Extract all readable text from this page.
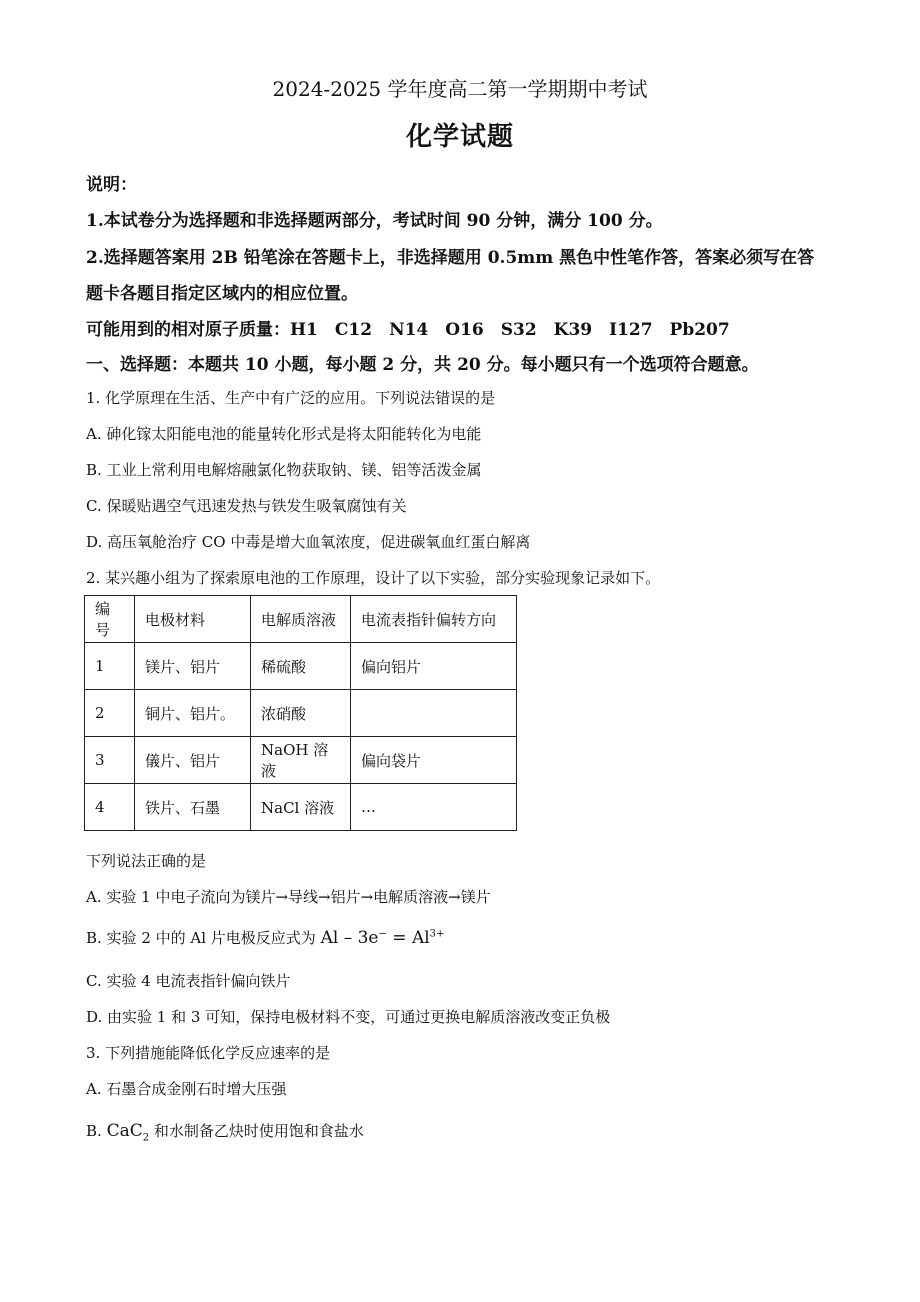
2024-2025 学年度高二第一学期期中考试
化学试题
说明：
1.本试卷分为选择题和非选择题两部分，考试时间 90 分钟，满分 100 分。
2.选择题答案用 2B 铅笔涂在答题卡上，非选择题用 0.5mm 黑色中性笔作答，答案必须写在答
题卡各题目指定区域内的相应位置。
可能用到的相对原子质量：H1　C12　N14　O16　S32　K39　I127　Pb207
一、选择题：本题共 10 小题，每小题 2 分，共 20 分。每小题只有一个选项符合题意。
1. 化学原理在生活、生产中有广泛的应用。下列说法错误的是
A. 砷化镓太阳能电池的能量转化形式是将太阳能转化为电能
B. 工业上常利用电解熔融氯化物获取钠、镁、铝等活泼金属
C. 保暖贴遇空气迅速发热与铁发生吸氧腐蚀有关
D. 高压氧舱治疗 CO 中毒是增大血氧浓度，促进碳氧血红蛋白解离
2. 某兴趣小组为了探索原电池的工作原理，设计了以下实验，部分实验现象记录如下。
编号	电极材料	电解质溶液	电流表指针偏转方向
1	镁片、铝片	稀硫酸	偏向铝片
2	铜片、铝片。	浓硝酸	
3	儀片、铝片	NaOH 溶液	偏向袋片
4	铁片、石墨	NaCl 溶液	…
下列说法正确的是
A. 实验 1 中电子流向为镁片→导线→铝片→电解质溶液→镁片
B. 实验 2 中的 Al 片电极反应式为 $Al - 3e^- = Al^{3+}$
C. 实验 4 电流表指针偏向铁片
D. 由实验 1 和 3 可知，保持电极材料不变，可通过更换电解质溶液改变正负极
3. 下列措施能降低化学反应速率的是
A. 石墨合成金刚石时增大压强
B. CaC$_2$ 和水制备乙炔时使用饱和食盐水
